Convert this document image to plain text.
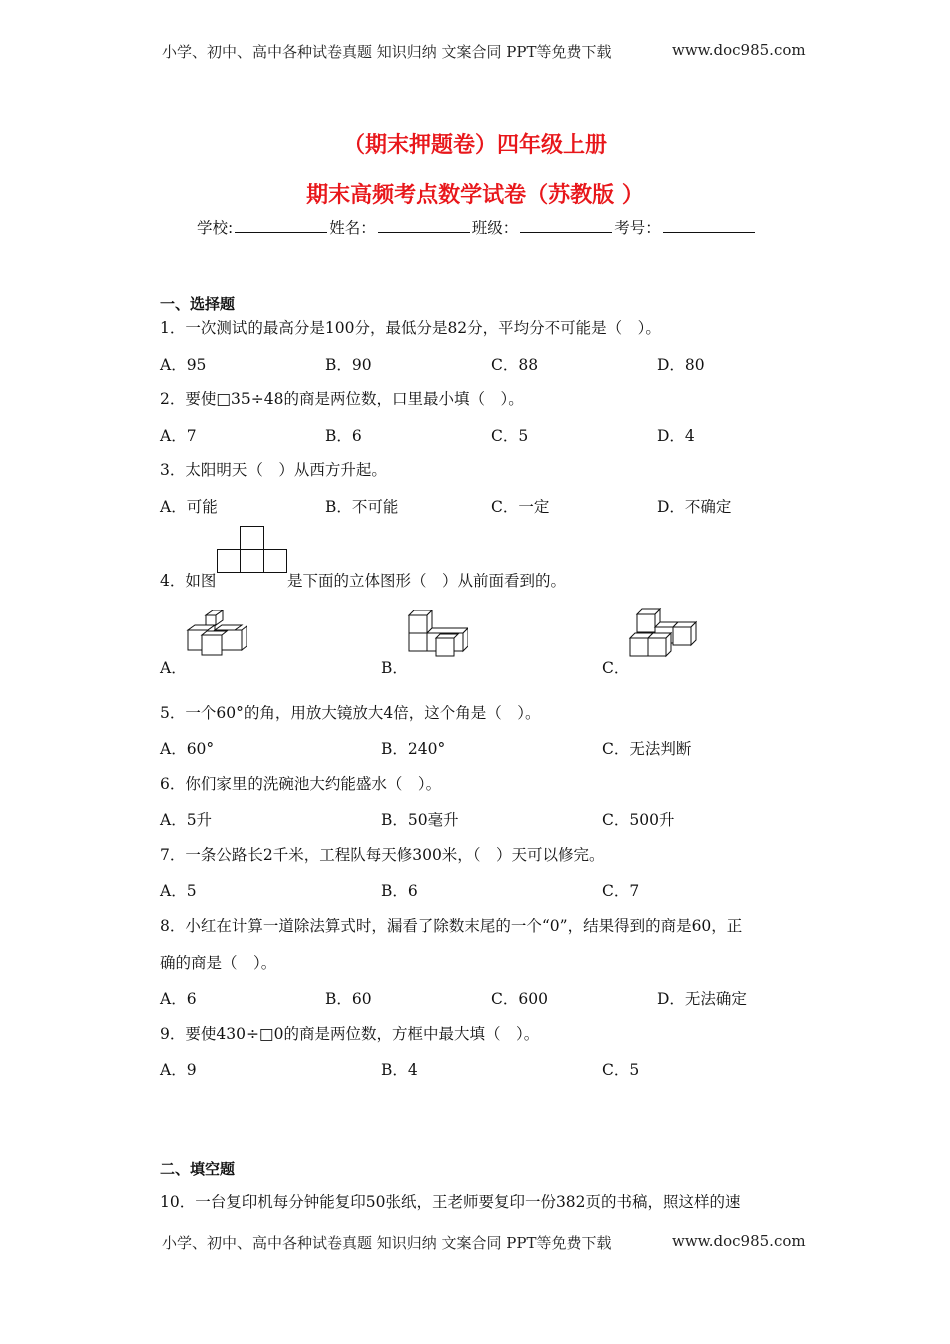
小学、初中、高中各种试卷真题 知识归纳 文案合同 PPT等免费下载	www.doc985.com
（期末押题卷）四年级上册
期末高频考点数学试卷（苏教版 ）
学校:	姓名：	班级：	考号：
一、选择题
1．一次测试的最高分是100分，最低分是82分，平均分不可能是（　）。
A．95	B．90	C．88	D．80
2．要使□35÷48的商是两位数，口里最小填（　）。
A．7	B．6	C．5	D．4
3．太阳明天（　）从西方升起。
A．可能	B．不可能	C．一定	D．不确定
4．如图	是下面的立体图形（　）从前面看到的。
A．	B．	C．
5．一个60°的角，用放大镜放大4倍，这个角是（　）。
A．60°	B．240°	C．无法判断
6．你们家里的洗碗池大约能盛水（　）。
A．5升	B．50毫升	C．500升
7．一条公路长2千米，工程队每天修300米，（　）天可以修完。
A．5	B．6	C．7
8．小红在计算一道除法算式时，漏看了除数末尾的一个“0”，结果得到的商是60，正
确的商是（　）。
A．6	B．60	C．600	D．无法确定
9．要使430÷□0的商是两位数，方框中最大填（　）。
A．9	B．4	C．5
二、填空题
10．一台复印机每分钟能复印50张纸，王老师要复印一份382页的书稿，照这样的速
小学、初中、高中各种试卷真题 知识归纳 文案合同 PPT等免费下载	www.doc985.com
